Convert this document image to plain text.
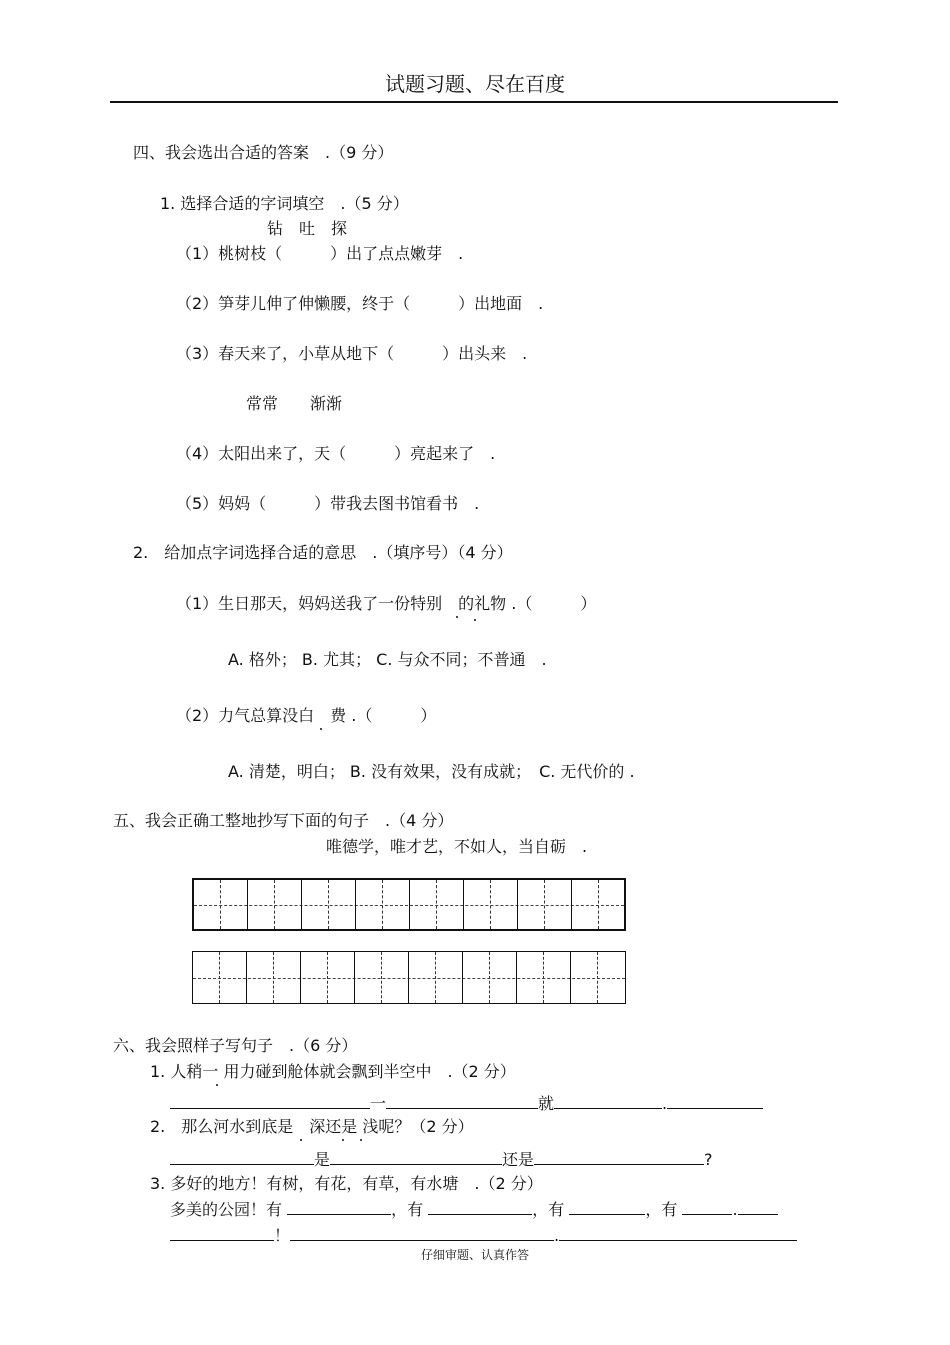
试题习题、尽在百度
四、我会选出合适的答案　.（9 分）
1. 选择合适的字词填空　.（5 分）
钻　吐　探
（1）桃树枝（　　　）出了点点嫩芽　.
（2）笋芽儿伸了伸懒腰，终于（　　　）出地面　.
（3）春天来了，小草从地下（　　　）出头来　.
常常　　渐渐
（4）太阳出来了，天（　　　）亮起来了　.
（5）妈妈（　　　）带我去图书馆看书　.
2.　给加点字词选择合适的意思　.（填序号）（4 分）
（1）生日那天，妈妈送我了一份特别　的礼物 .（　　　）
A. 格外； B. 尤其； C. 与众不同；不普通　.
（2）力气总算没白　费 .（　　　）
A. 清楚，明白； B. 没有效果，没有成就；　C. 无代价的 .
五、我会正确工整地抄写下面的句子　.（4 分）
唯德学，唯才艺，不如人，当自砺　.
六、我会照样子写句子　.（6 分）
1. 人稍一 用力碰到舱体就会飘到半空中　.（2 分）
一	就	.
2.　那么河水到底是　深还是 浅呢？（2 分）
是	还是	?
3. 多好的地方！有树，有花，有草，有水塘　.（2 分）
多美的公园！有	，有	，有	，有	.
！	.
仔细审题、认真作答
